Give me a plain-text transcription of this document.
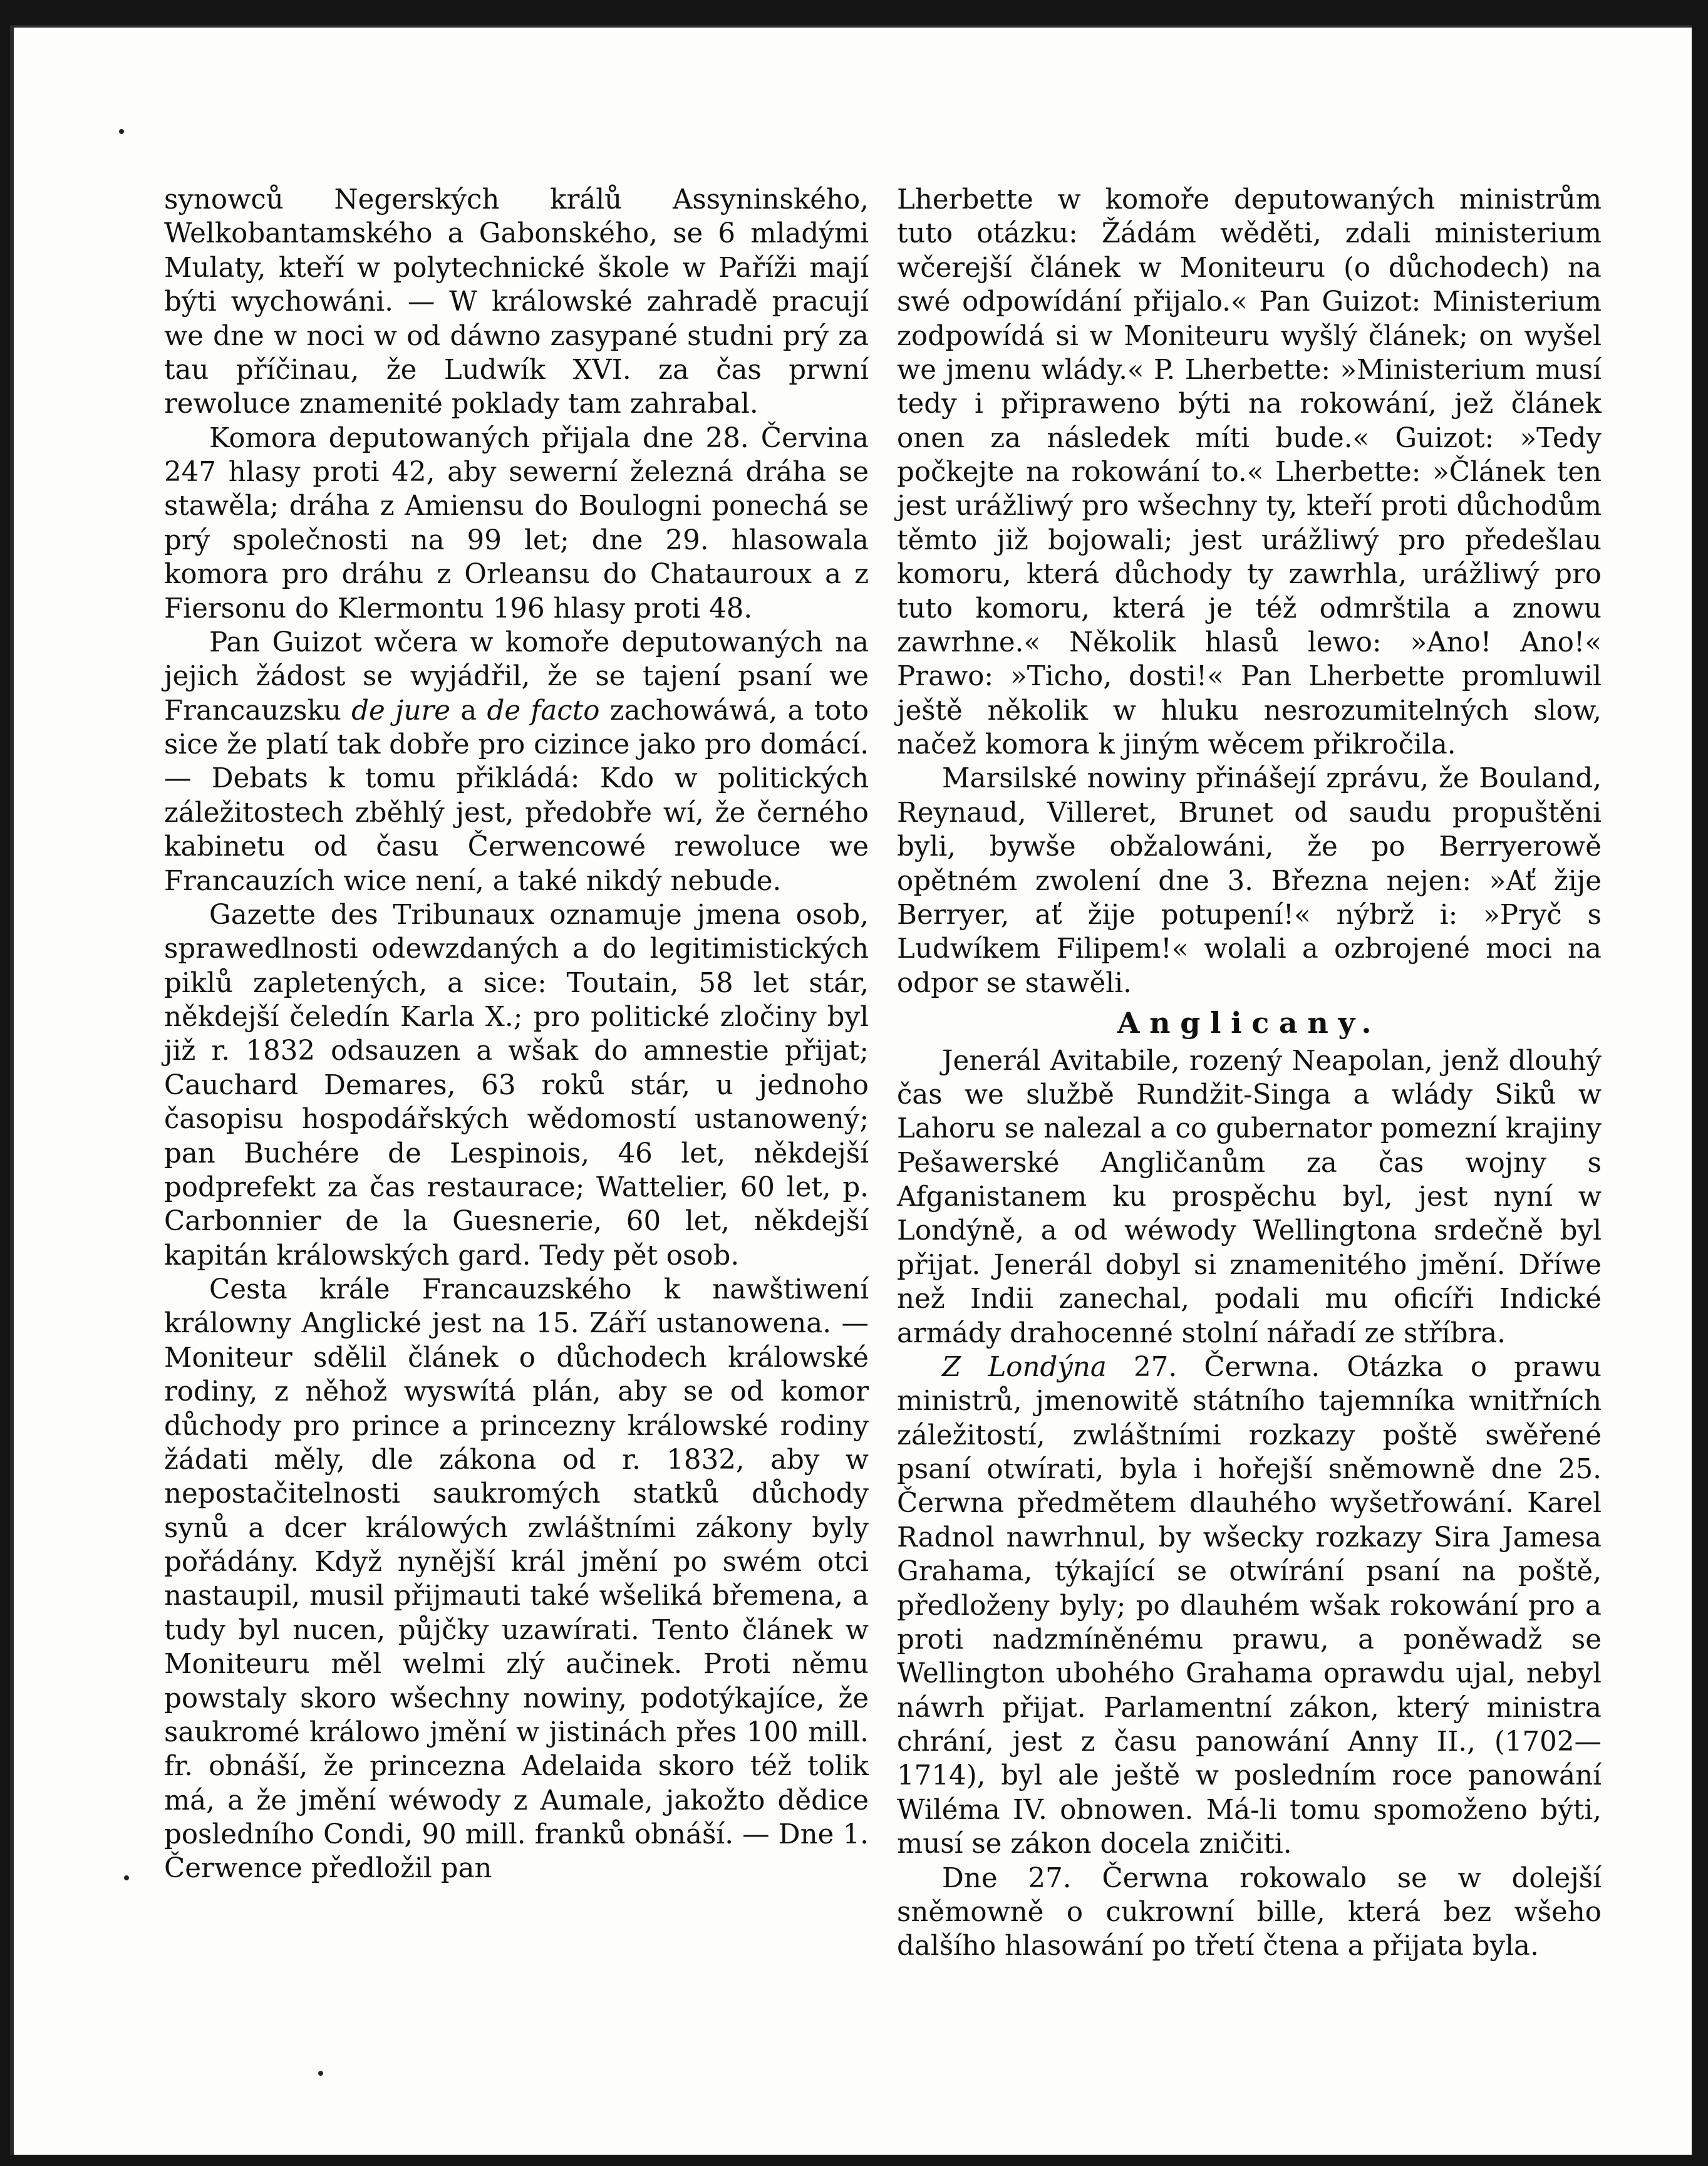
synowců Negerských králů Assyninského, Welkobantamského a Gabonského, se 6 mladými Mulaty, kteří w polytechnické škole w Paříži mají býti wychowáni. — W králowské zahradě pracují we dne w noci w od dáwno zasypané studni prý za tau příčinau, že Ludwík XVI. za čas prwní rewoluce znamenité poklady tam zahrabal.

Komora deputowaných přijala dne 28. Červina 247 hlasy proti 42, aby sewerní železná dráha se stawěla; dráha z Amiensu do Boulogni ponechá se prý společnosti na 99 let; dne 29. hlasowala komora pro dráhu z Orleansu do Chatauroux a z Fiersonu do Klermontu 196 hlasy proti 48.

Pan Guizot wčera w komoře deputowaných na jejich žádost se wyjádřil, že se tajení psaní we Francauzsku de jure a de facto zachowáwá, a toto sice že platí tak dobře pro cizince jako pro domácí. — Debats k tomu přikládá: Kdo w politických záležitostech zběhlý jest, předobře wí, že černého kabinetu od času Čerwencowé rewoluce we Francauzích wice není, a také nikdý nebude.

Gazette des Tribunaux oznamuje jmena osob, sprawedlnosti odewzdaných a do legitimistických piklů zapletených, a sice: Toutain, 58 let stár, někdejší čeledín Karla X.; pro politické zločiny byl již r. 1832 odsauzen a wšak do amnestie přijat; Cauchard Demares, 63 roků stár, u jednoho časopisu hospodářských wědomostí ustanowený; pan Buchére de Lespinois, 46 let, někdejší podprefekt za čas restaurace; Wattelier, 60 let, p. Carbonnier de la Guesnerie, 60 let, někdejší kapitán králowských gard. Tedy pět osob.

Cesta krále Francauzského k nawštiwení králowny Anglické jest na 15. Září ustanowena. — Moniteur sdělil článek o důchodech králowské rodiny, z něhož wyswítá plán, aby se od komor důchody pro prince a princezny králowské rodiny žádati měly, dle zákona od r. 1832, aby w nepostačitelnosti saukromých statků důchody synů a dcer králowých zwláštními zákony byly pořádány. Když nynější král jmění po swém otci nastaupil, musil přijmauti také wšeliká břemena, a tudy byl nucen, půjčky uzawírati. Tento článek w Moniteuru měl welmi zlý aučinek. Proti němu powstaly skoro wšechny nowiny, podotýkajíce, že saukromé králowo jmění w jistinách přes 100 mill. fr. obnáší, že princezna Adelaida skoro též tolik má, a že jmění wéwody z Aumale, jakožto dědice posledního Condi, 90 mill. franků obnáší. — Dne 1. Čerwence předložil pan

Lherbette w komoře deputowaných ministrům tuto otázku: Žádám wěděti, zdali ministerium wčerejší článek w Moniteuru (o důchodech) na swé odpowídání přijalo.« Pan Guizot: Ministerium zodpowídá si w Moniteuru wyšlý článek; on wyšel we jmenu wlády.« P. Lherbette: »Ministerium musí tedy i připraweno býti na rokowání, jež článek onen za následek míti bude.« Guizot: »Tedy počkejte na rokowání to.« Lherbette: »Článek ten jest urážliwý pro wšechny ty, kteří proti důchodům těmto již bojowali; jest urážliwý pro předešlau komoru, která důchody ty zawrhla, urážliwý pro tuto komoru, která je též odmrštila a znowu zawrhne.« Několik hlasů lewo: »Ano! Ano!« Prawo: »Ticho, dosti!« Pan Lherbette promluwil ještě několik w hluku nesrozumitelných slow, načež komora k jiným wěcem přikročila.

Marsilské nowiny přinášejí zprávu, že Bouland, Reynaud, Villeret, Brunet od saudu propuštěni byli, bywše obžalowáni, že po Berryerowě opětném zwolení dne 3. Března nejen: »Ať žije Berryer, ať žije potupení!« nýbrž i: »Pryč s Ludwíkem Filipem!« wolali a ozbrojené moci na odpor se stawěli.

Anglicany.

Jenerál Avitabile, rozený Neapolan, jenž dlouhý čas we službě Rundžit-Singa a wlády Siků w Lahoru se nalezal a co gubernator pomezní krajiny Pešawerské Angličanům za čas wojny s Afganistanem ku prospěchu byl, jest nyní w Londýně, a od wéwody Wellingtona srdečně byl přijat. Jenerál dobyl si znamenitého jmění. Dříwe než Indii zanechal, podali mu oficíři Indické armády drahocenné stolní nářadí ze stříbra.

Z Londýna 27. Čerwna. Otázka o prawu ministrů, jmenowitě státního tajemníka wnitřních záležitostí, zwláštními rozkazy poště swěřené psaní otwírati, byla i hořejší sněmowně dne 25. Čerwna předmětem dlauhého wyšetřowání. Karel Radnol nawrhnul, by wšecky rozkazy Sira Jamesa Grahama, týkající se otwírání psaní na poště, předloženy byly; po dlauhém wšak rokowání pro a proti nadzmíněnému prawu, a poněwadž se Wellington ubohého Grahama oprawdu ujal, nebyl náwrh přijat. Parlamentní zákon, který ministra chrání, jest z času panowání Anny II., (1702—1714), byl ale ještě w posledním roce panowání Wiléma IV. obnowen. Má-li tomu spomoženo býti, musí se zákon docela zničiti.

Dne 27. Čerwna rokowalo se w dolejší sněmowně o cukrowní bille, která bez wšeho dalšího hlasowání po třetí čtena a přijata byla.
